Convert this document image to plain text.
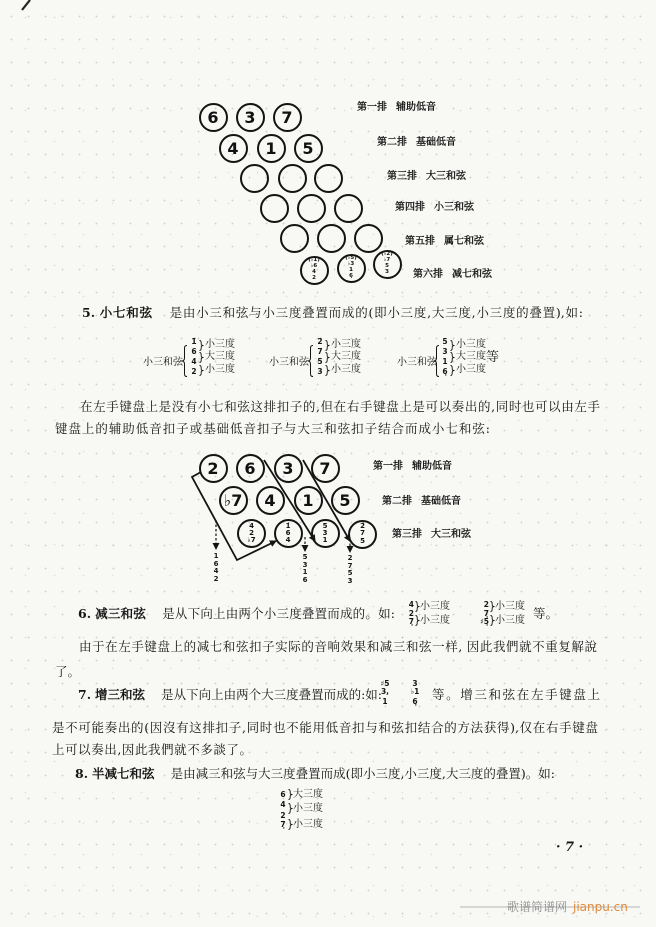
6 3 7
4 1 5
(♭1)
♭6
4
2
(♭5)
♭3
1
6̣
(♭2)
♭7
5
3
第一排 辅助低音
第二排 基础低音
第三排 大三和弦
第四排 小三和弦
第五排 属七和弦
第六排 减七和弦
5. 小七和弦 是由小三和弦与小三度叠置而成的(即小三度,大三度,小三度的叠置),如:
小三和弦
1̇
6
4
2
小三度
大三度
小三度
小三和弦
2̇
7
5
3
小三度
大三度
小三度
小三和弦
5
3
1
6̣
小三度
大三度
小三度
等
在左手键盘上是没有小七和弦这排扣子的,但在右手键盘上是可以奏出的,同时也可以由左手
键盘上的辅助低音扣子或基础低音扣子与大三和弦扣子结合而成小七和弦:
2 6 3 7
♭7 4 1 5
4
2
♭7
1̇
6
4
5
3
1
2̇
7
5
第一排 辅助低音
第二排 基础低音
第三排 大三和弦
1
6
4
2
5
3
1
6
2
7
5
3
6. 减三和弦 是从下向上由两个小三度叠置而成的。如:
4
2
7̣
小三度
小三度
2
7̣
♯5̣
小三度
小三度 等。
由于在左手键盘上的减七和弦扣子实际的音响效果和减三和弦一样, 因此我們就不重复解說
了。
7. 增三和弦 是从下向上由两个大三度叠置而成的:如:
♯5
3,
1
3
♭1
6̣	等。增三和弦在左手键盘上
是不可能奏出的(因沒有这排扣子,同时也不能用低音扣与和弦扣结合的方法获得),仅在右手键盘
上可以奏出,因此我們就不多談了。
8. 半减七和弦 是由减三和弦与大三度叠置而成(即小三度,小三度,大三度的叠置)。如:
6
4
2
7̣
大三度
小三度
小三度
· 7 ·
歌谱简谱网 jianpu.cn
